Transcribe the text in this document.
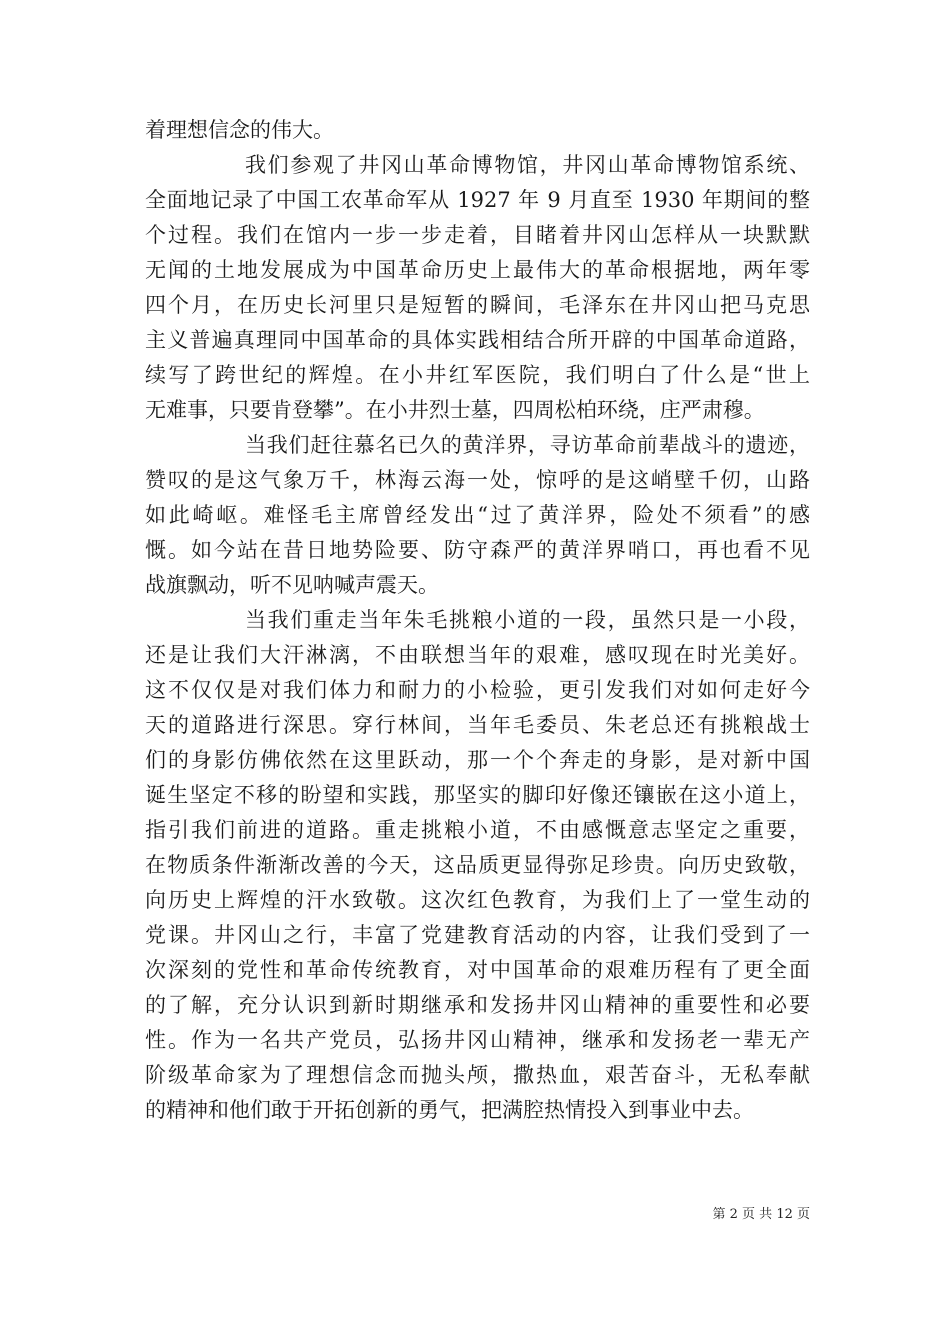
着理想信念的伟大。
我们参观了井冈山革命博物馆，井冈山革命博物馆系统、
全面地记录了中国工农革命军从 1927 年 9 月直至 1930 年期间的整
个过程。我们在馆内一步一步走着，目睹着井冈山怎样从一块默默
无闻的土地发展成为中国革命历史上最伟大的革命根据地，两年零
四个月，在历史长河里只是短暂的瞬间，毛泽东在井冈山把马克思
主义普遍真理同中国革命的具体实践相结合所开辟的中国革命道路，
续写了跨世纪的辉煌。在小井红军医院，我们明白了什么是“世上
无难事，只要肯登攀”。在小井烈士墓，四周松柏环绕，庄严肃穆。
当我们赶往慕名已久的黄洋界，寻访革命前辈战斗的遗迹，
赞叹的是这气象万千，林海云海一处，惊呼的是这峭壁千仞，山路
如此崎岖。难怪毛主席曾经发出“过了黄洋界，险处不须看”的感
慨。如今站在昔日地势险要、防守森严的黄洋界哨口，再也看不见
战旗飘动，听不见呐喊声震天。
当我们重走当年朱毛挑粮小道的一段，虽然只是一小段，
还是让我们大汗淋漓，不由联想当年的艰难，感叹现在时光美好。
这不仅仅是对我们体力和耐力的小检验，更引发我们对如何走好今
天的道路进行深思。穿行林间，当年毛委员、朱老总还有挑粮战士
们的身影仿佛依然在这里跃动，那一个个奔走的身影，是对新中国
诞生坚定不移的盼望和实践，那坚实的脚印好像还镶嵌在这小道上，
指引我们前进的道路。重走挑粮小道，不由感慨意志坚定之重要，
在物质条件渐渐改善的今天，这品质更显得弥足珍贵。向历史致敬，
向历史上辉煌的汗水致敬。这次红色教育，为我们上了一堂生动的
党课。井冈山之行，丰富了党建教育活动的内容，让我们受到了一
次深刻的党性和革命传统教育，对中国革命的艰难历程有了更全面
的了解，充分认识到新时期继承和发扬井冈山精神的重要性和必要
性。作为一名共产党员，弘扬井冈山精神，继承和发扬老一辈无产
阶级革命家为了理想信念而抛头颅，撒热血，艰苦奋斗，无私奉献
的精神和他们敢于开拓创新的勇气，把满腔热情投入到事业中去。
第 2 页 共 12 页
